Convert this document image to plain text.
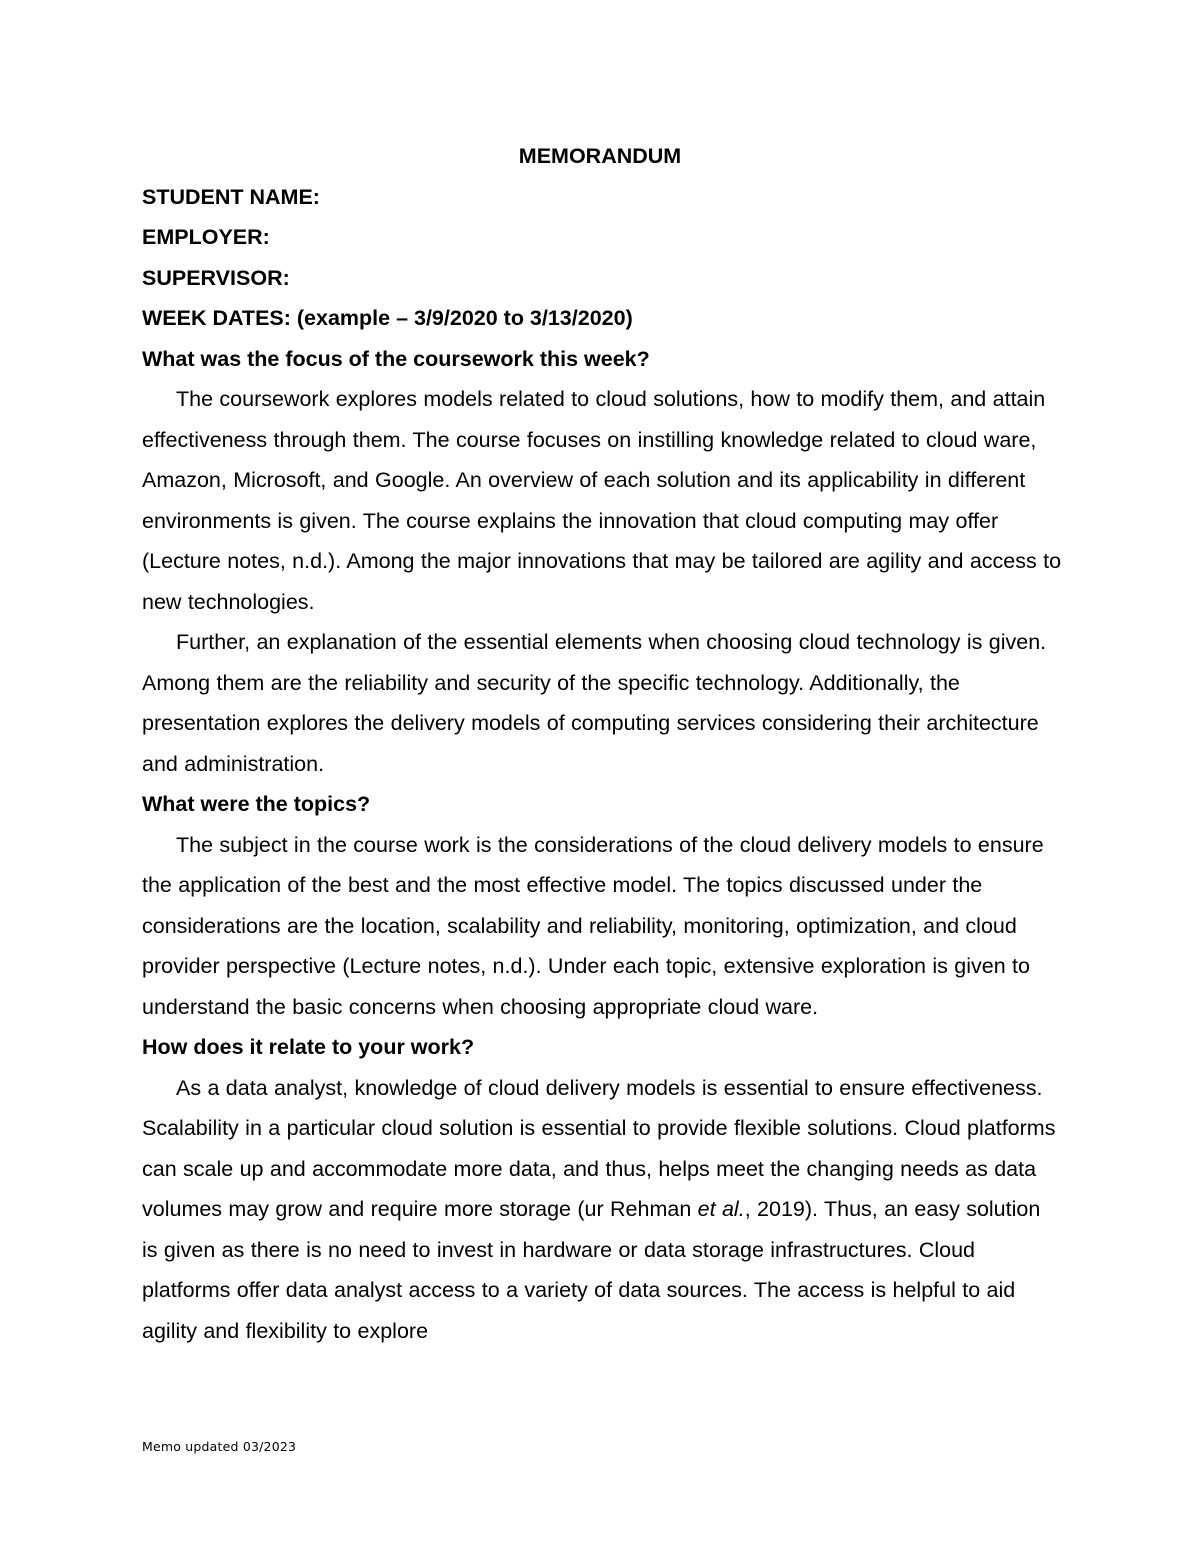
MEMORANDUM

STUDENT NAME:

EMPLOYER:

SUPERVISOR:

WEEK DATES: (example – 3/9/2020 to 3/13/2020)

What was the focus of the coursework this week?

The coursework explores models related to cloud solutions, how to modify them, and attain effectiveness through them. The course focuses on instilling knowledge related to cloud ware, Amazon, Microsoft, and Google. An overview of each solution and its applicability in different environments is given. The course explains the innovation that cloud computing may offer (Lecture notes, n.d.). Among the major innovations that may be tailored are agility and access to new technologies.

Further, an explanation of the essential elements when choosing cloud technology is given. Among them are the reliability and security of the specific technology. Additionally, the presentation explores the delivery models of computing services considering their architecture and administration.

What were the topics?

The subject in the course work is the considerations of the cloud delivery models to ensure the application of the best and the most effective model. The topics discussed under the considerations are the location, scalability and reliability, monitoring, optimization, and cloud provider perspective (Lecture notes, n.d.). Under each topic, extensive exploration is given to understand the basic concerns when choosing appropriate cloud ware.

How does it relate to your work?

As a data analyst, knowledge of cloud delivery models is essential to ensure effectiveness. Scalability in a particular cloud solution is essential to provide flexible solutions. Cloud platforms can scale up and accommodate more data, and thus, helps meet the changing needs as data volumes may grow and require more storage (ur Rehman et al., 2019). Thus, an easy solution is given as there is no need to invest in hardware or data storage infrastructures. Cloud platforms offer data analyst access to a variety of data sources. The access is helpful to aid agility and flexibility to explore

Memo updated 03/2023
